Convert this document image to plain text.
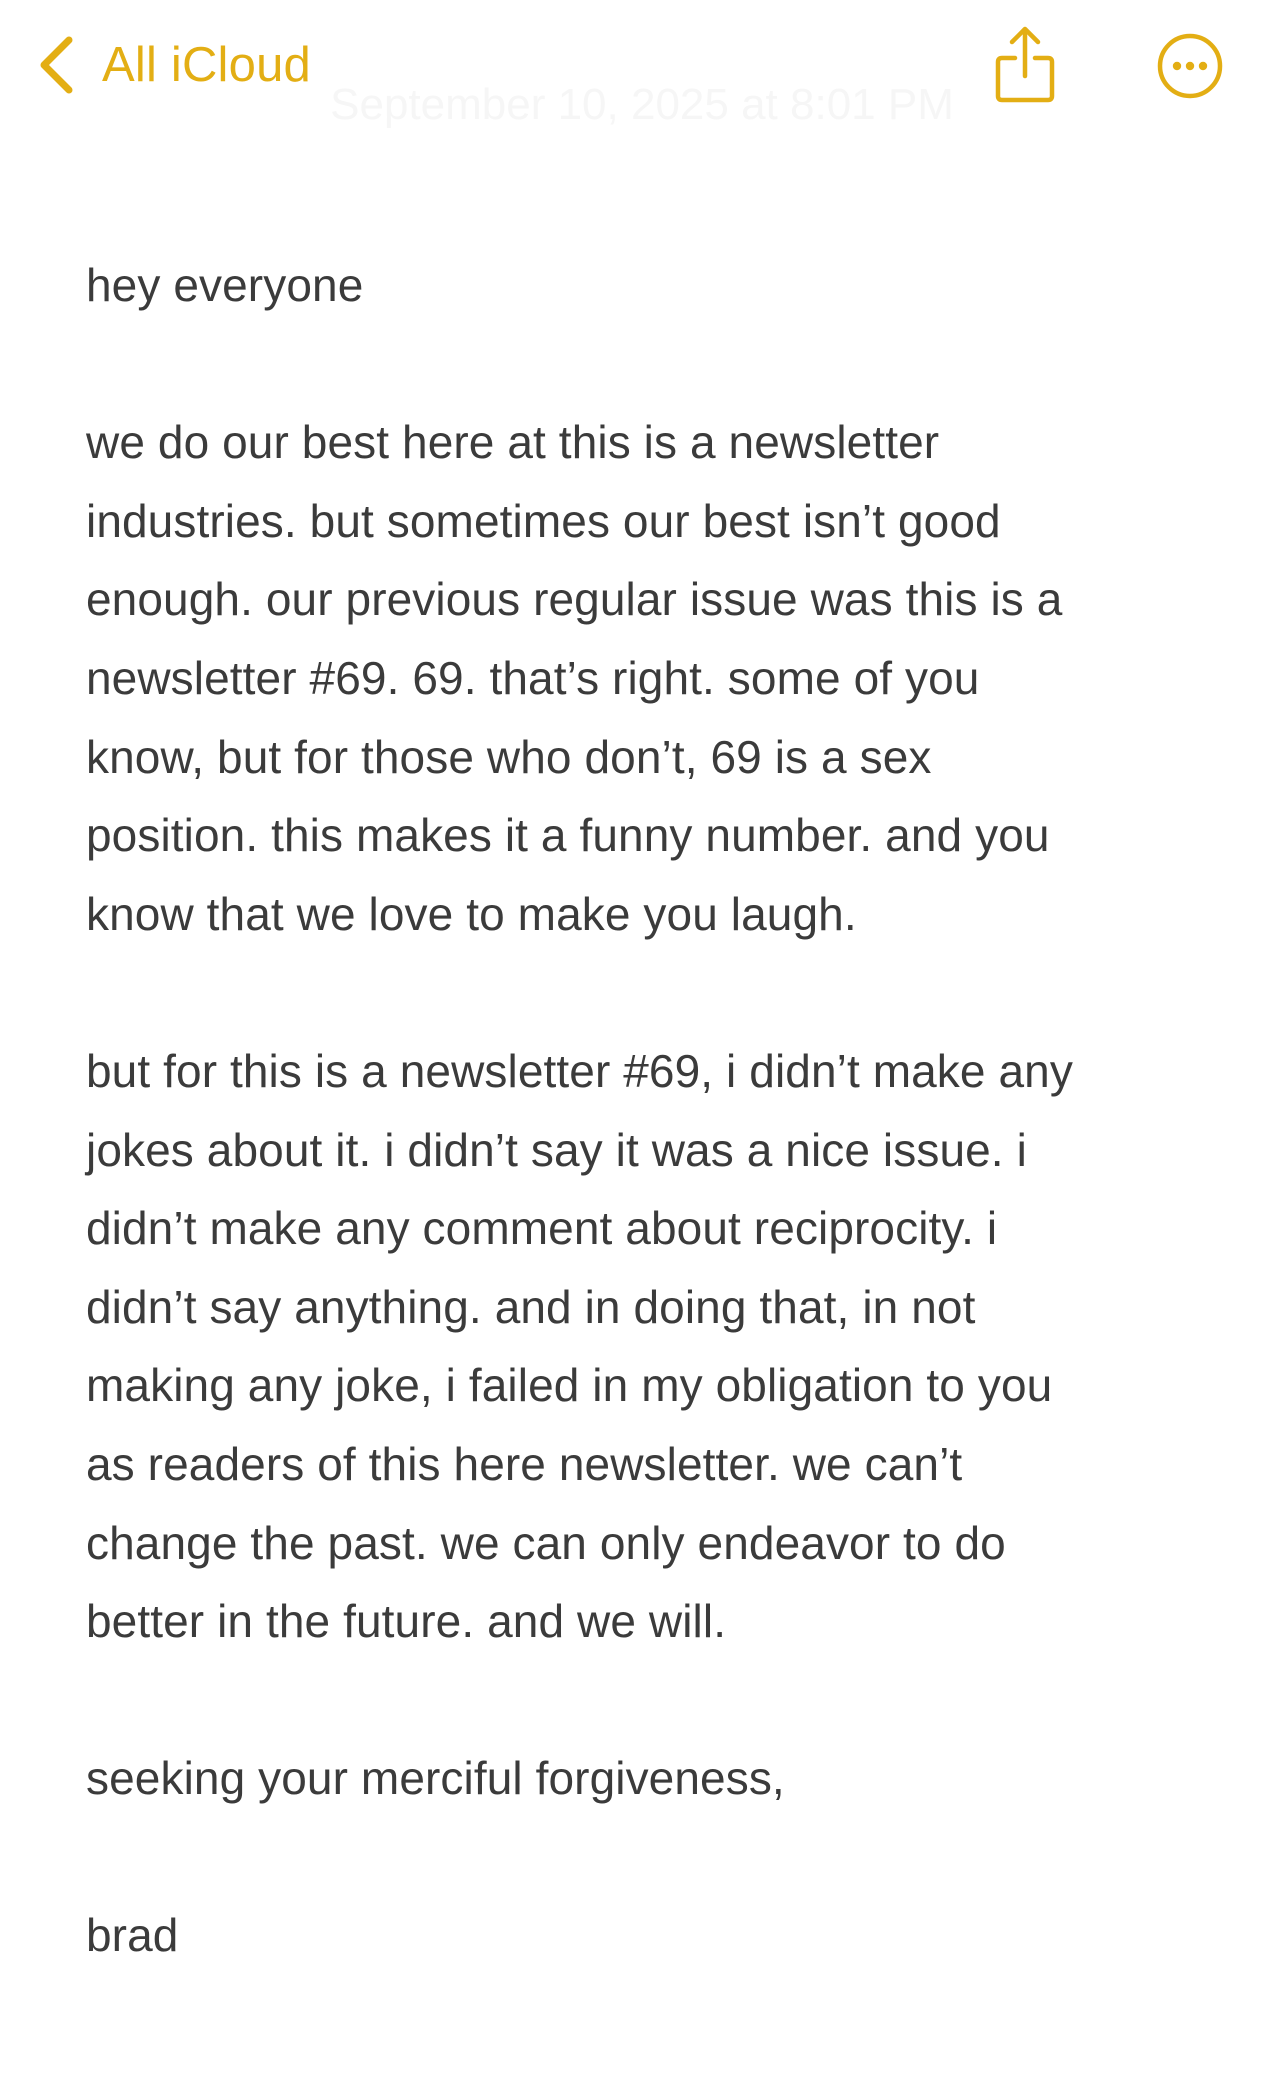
All iCloud
September 10, 2025 at 8:01 PM

hey everyone

we do our best here at this is a newsletter
industries. but sometimes our best isn’t good
enough. our previous regular issue was this is a
newsletter #69. 69. that’s right. some of you
know, but for those who don’t, 69 is a sex
position. this makes it a funny number. and you
know that we love to make you laugh.

but for this is a newsletter #69, i didn’t make any
jokes about it. i didn’t say it was a nice issue. i
didn’t make any comment about reciprocity. i
didn’t say anything. and in doing that, in not
making any joke, i failed in my obligation to you
as readers of this here newsletter. we can’t
change the past. we can only endeavor to do
better in the future. and we will.

seeking your merciful forgiveness,

brad
